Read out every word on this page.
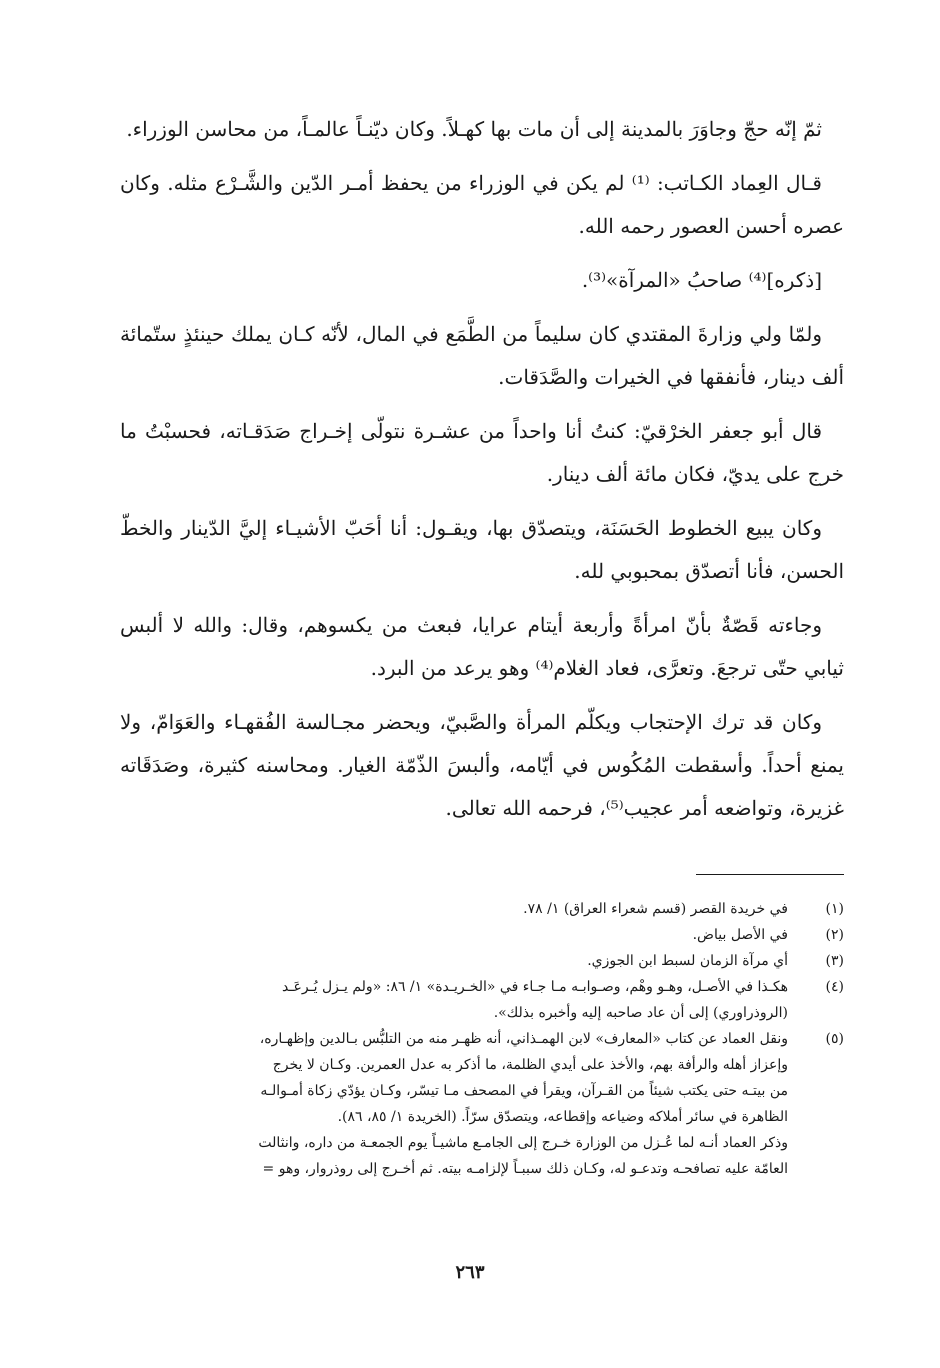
ثمّ إنّه حجّ وجاوَرَ بالمدينة إلى أن مات بها كهـلاً. وكان ديّنـاً عالمـاً، من محاسن الوزراء.

قـال العِماد الكـاتب: ⁽¹⁾ لم يكن في الوزراء من يحفظ أمـر الدّين والشَّـرْع مثله. وكان عصره أحسن العصور رحمه الله.

[ذكره]⁽⁴⁾ صاحبُ «المرآة»⁽³⁾.

ولمّا ولي وزارةَ المقتدي كان سليماً من الطَّمَع في المال، لأنّه كـان يملك حينئذٍ ستّمائة ألف دينار، فأنفقها في الخيرات والصَّدَقات.

قال أبو جعفر الخرْقيّ: كنتُ أنا واحداً من عشـرة نتولّى إخـراج صَدَقـاته، فحسبْتُ ما خرج على يديّ، فكان مائة ألف دينار.

وكان يبيع الخطوط الحَسَنَة، ويتصدّق بها، ويقـول: أنا أحَبّ الأشيـاء إليَّ الدّينار والخطّ الحسن، فأنا أتصدّق بمحبوبي لله.

وجاءته قَصّةٌ بأنّ امرأةً وأربعة أيتام عرايا، فبعث من يكسوهم، وقال: والله لا ألبس ثيابي حتّى ترجعَ. وتعرَّى، فعاد الغلام⁽⁴⁾ وهو يرعد من البرد.

وكان قد ترك الإحتجاب ويكلّم المرأة والصَّبيّ، ويحضر مجـالسة الفُقهـاء والعَوَامّ، ولا يمنع أحداً. وأسقطت المُكُوس في أيّامه، وألبسَ الذّمّة الغيار. ومحاسنه كثيرة، وصَدَقَاته غزيرة، وتواضعه أمر عجيب⁽⁵⁾، فرحمه الله تعالى.

(١)
في خريدة القصر (قسم شعراء العراق) ١/ ٧٨.
(٢)
في الأصل بياض.
(٣)
أي مرآة الزمان لسبط ابن الجوزي.
(٤)
هكـذا في الأصـل، وهـو وهْم، وصـوابـه مـا جـاء في «الخـريـدة» ١/ ٨٦: «ولم يـزل يُـرعَـد
(الروذراوري) إلى أن عاد صاحبه إليه وأخبره بذلك».
(٥)
ونقل العماد عن كتاب «المعارف» لابن الهمـذاني، أنه ظهـر منه من التلبُّس بـالدين وإظهـاره،
وإعزاز أهله والرأفة بهم، والأخذ على أيدي الظلمة، ما أذكر به عدل العمرين. وكـان لا يخرج
من بيتـه حتى يكتب شيئاً من القـرآن، ويقرأ في المصحف مـا تيسّر، وكـان يؤدّي زكاة أمـوالـه
الظاهرة في سائر أملاكه وضياعه وإقطاعه، ويتصدّق سرّاً. (الخريدة ١/ ٨٥، ٨٦).
وذكر العماد أنـه لما عُـزل من الوزارة خـرج إلى الجامـع ماشيـاً يوم الجمعـة من داره، وانثالت
العامّة عليه تصافحـه وتدعـو له، وكـان ذلك سببـاً لإلزامـه بيته. ثم أخـرج إلى روذروار، وهو =
٢٦٣
